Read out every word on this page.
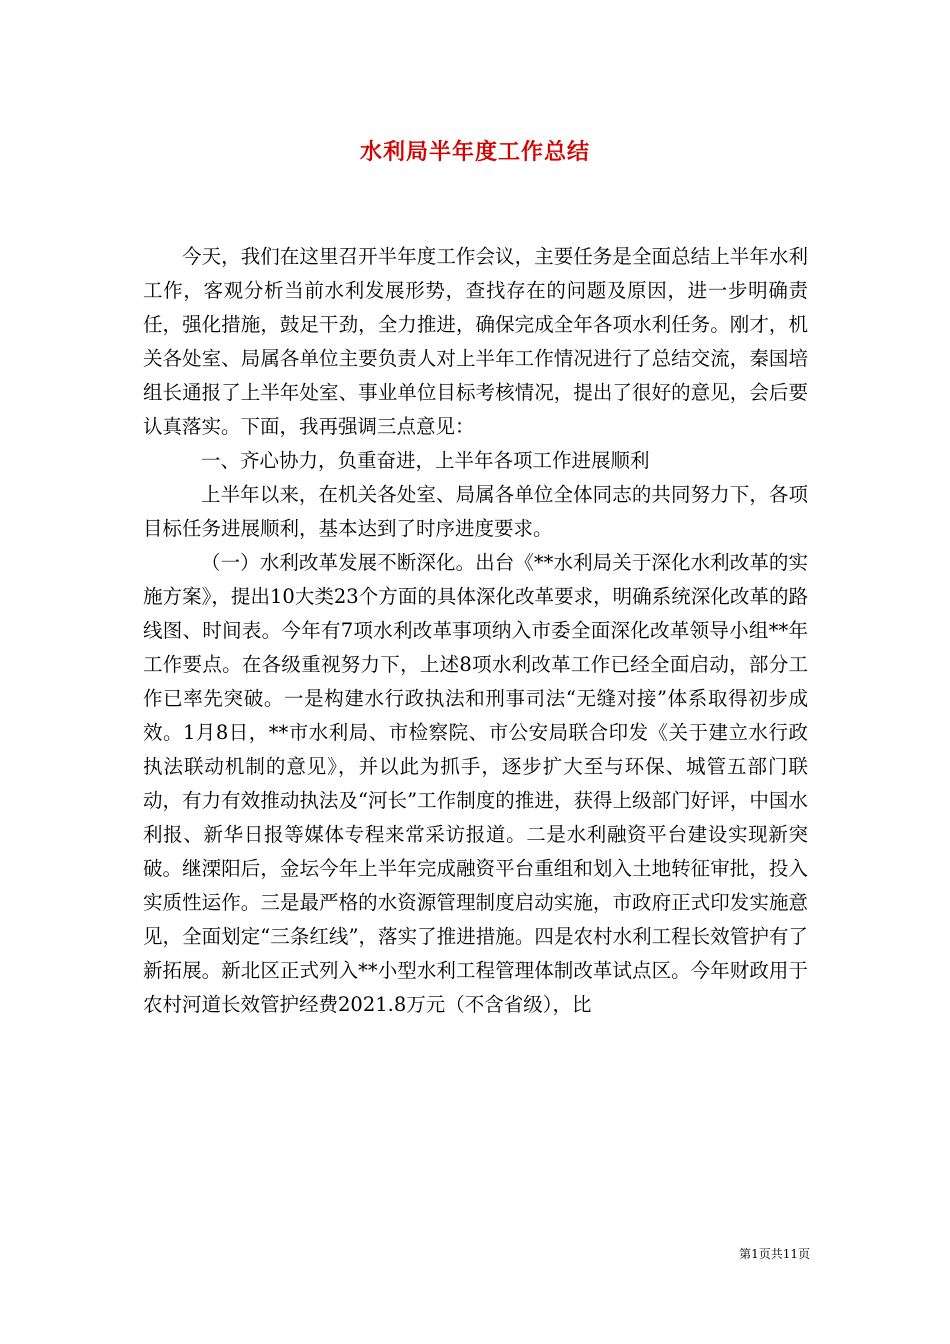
水利局半年度工作总结

今天，我们在这里召开半年度工作会议，主要任务是全面总结上半年水利工作，客观分析当前水利发展形势，查找存在的问题及原因，进一步明确责任，强化措施，鼓足干劲，全力推进，确保完成全年各项水利任务。刚才，机关各处室、局属各单位主要负责人对上半年工作情况进行了总结交流，秦国培组长通报了上半年处室、事业单位目标考核情况，提出了很好的意见，会后要认真落实。下面，我再强调三点意见：

一、齐心协力，负重奋进，上半年各项工作进展顺利

上半年以来，在机关各处室、局属各单位全体同志的共同努力下，各项目标任务进展顺利，基本达到了时序进度要求。

（一）水利改革发展不断深化。出台《**水利局关于深化水利改革的实施方案》，提出10大类23个方面的具体深化改革要求，明确系统深化改革的路线图、时间表。今年有7项水利改革事项纳入市委全面深化改革领导小组**年工作要点。在各级重视努力下，上述8项水利改革工作已经全面启动，部分工作已率先突破。一是构建水行政执法和刑事司法“无缝对接”体系取得初步成效。1月8日，**市水利局、市检察院、市公安局联合印发《关于建立水行政执法联动机制的意见》，并以此为抓手，逐步扩大至与环保、城管五部门联动，有力有效推动执法及“河长”工作制度的推进，获得上级部门好评，中国水利报、新华日报等媒体专程来常采访报道。二是水利融资平台建设实现新突破。继溧阳后，金坛今年上半年完成融资平台重组和划入土地转征审批，投入实质性运作。三是最严格的水资源管理制度启动实施，市政府正式印发实施意见，全面划定“三条红线”，落实了推进措施。四是农村水利工程长效管护有了新拓展。新北区正式列入**小型水利工程管理体制改革试点区。今年财政用于农村河道长效管护经费2021.8万元（不含省级），比

第1页共11页
